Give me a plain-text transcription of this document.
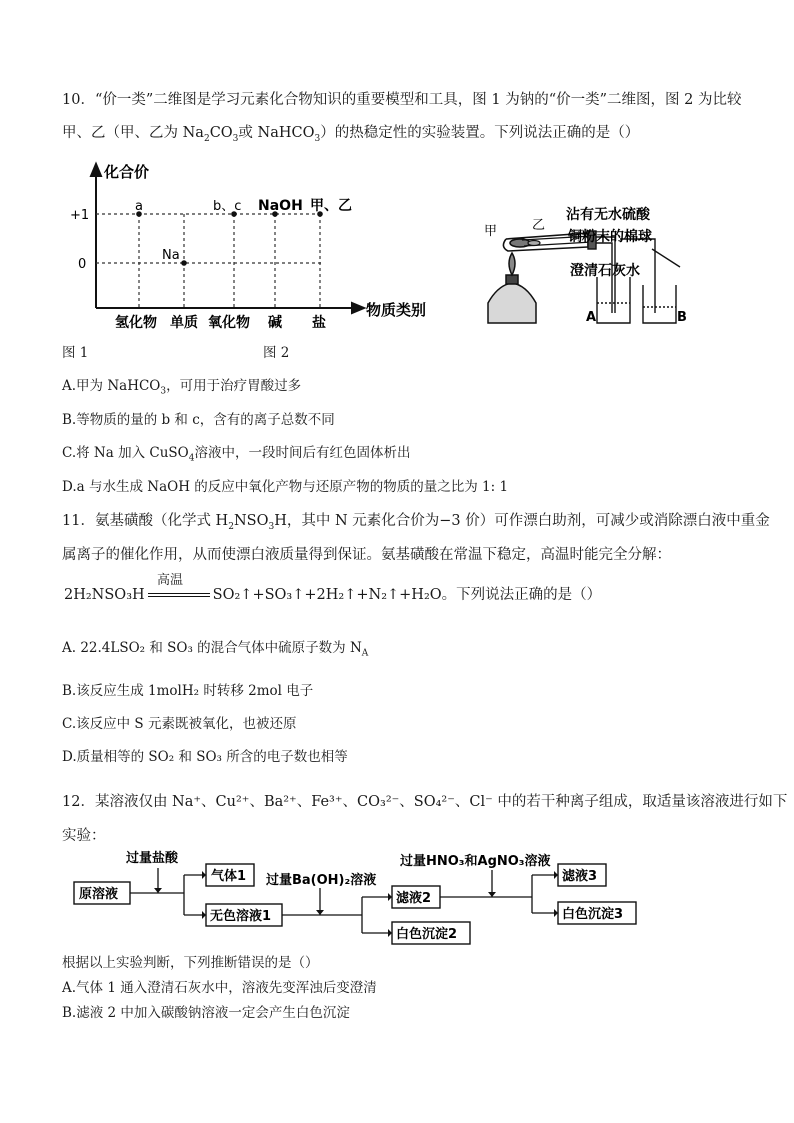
10．“价一类”二维图是学习元素化合物知识的重要模型和工具，图 1 为钠的“价一类”二维图，图 2 为比较
甲、乙（甲、乙为 $Na_2CO_3$或 NaHCO$_3$）的热稳定性的实验装置。下列说法正确的是（）
化合价
+1
0
物质类别
氢化物 单质 氧化物 碱 盐
a
Na
b、c NaOH 甲、乙
甲	乙
沾有无水硫酸
铜粉末的棉球
澄清石灰水
A	B
图 1	图 2
A.甲为 NaHCO$_3$，可用于治疗胃酸过多
B.等物质的量的 b 和 c，含有的离子总数不同
C.将 Na 加入 CuSO$_4$溶液中，一段时间后有红色固体析出
D.a 与水生成 NaOH 的反应中氧化产物与还原产物的物质的量之比为 1: 1
11．氨基磺酸（化学式 $H_2NSO_3H$，其中 N 元素化合价为−3 价）可作漂白助剂，可减少或消除漂白液中重金
属离子的催化作用，从而使漂白液质量得到保证。氨基磺酸在常温下稳定，高温时能完全分解：
高温
2H₂NSO₃H	SO₂↑+SO₃↑+2H₂↑+N₂↑+H₂O。下列说法正确的是（）
A. 22.4LSO₂ 和 SO₃ 的混合气体中硫原子数为 $N_A$
B.该反应生成 1molH₂ 时转移 2mol 电子
C.该反应中 S 元素既被氧化，也被还原
D.质量相等的 SO₂ 和 SO₃ 所含的电子数也相等
12．某溶液仅由 Na⁺、Cu²⁺、Ba²⁺、Fe³⁺、CO₃²⁻、SO₄²⁻、Cl⁻ 中的若干种离子组成，取适量该溶液进行如下
实验：
过量盐酸
过量Ba(OH)₂溶液
过量HNO₃和AgNO₃溶液
原溶液
气体1
无色溶液1
滤液2
白色沉淀2
滤液3
白色沉淀3
根据以上实验判断，下列推断错误的是（）
A.气体 1 通入澄清石灰水中，溶液先变浑浊后变澄清
B.滤液 2 中加入碳酸钠溶液一定会产生白色沉淀
